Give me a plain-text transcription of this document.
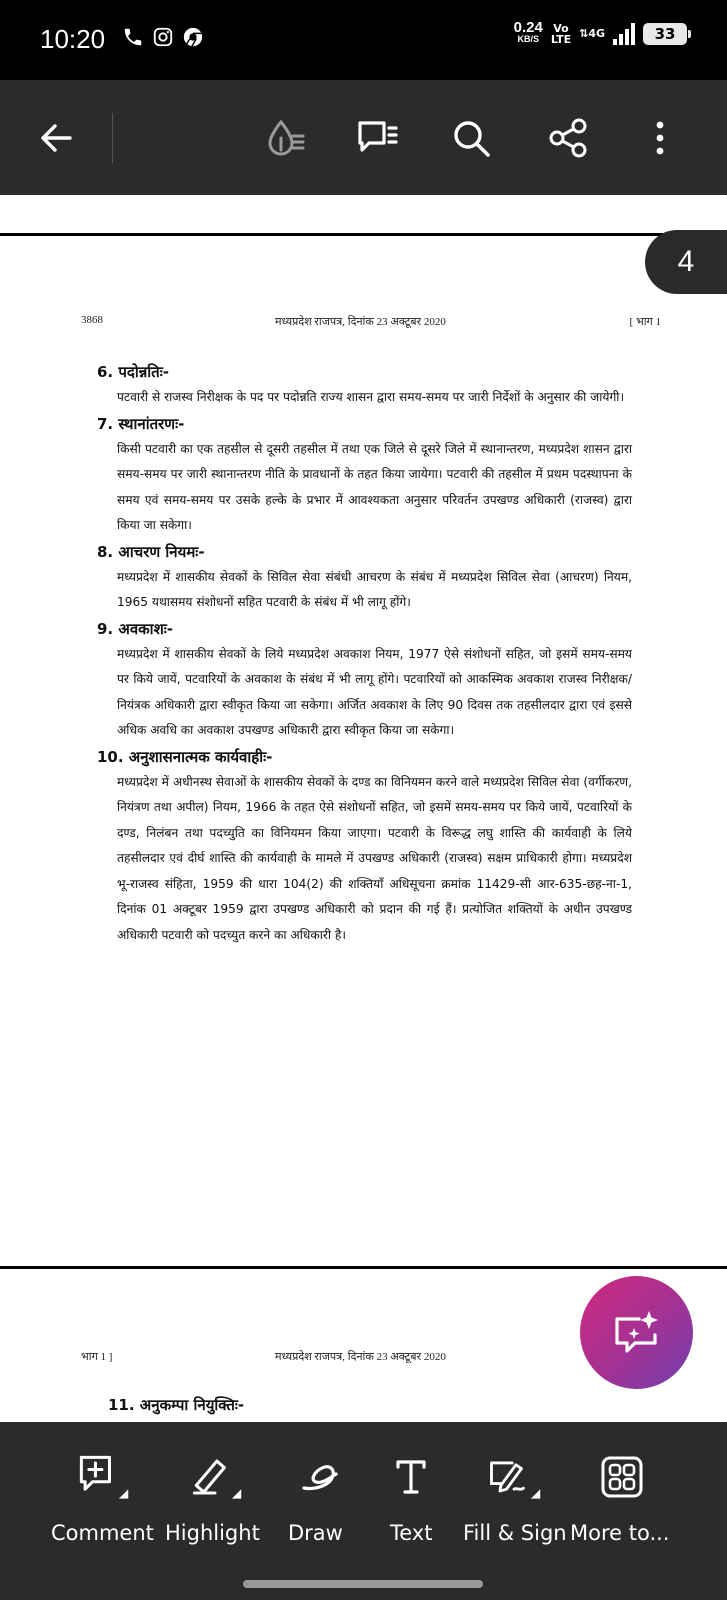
10:20	0.24
KB/S
Vo
LTE ⇅4G	33
4
3868	मध्यप्रदेश राजपत्र, दिनांक 23 अक्टूबर 2020	[ भाग 1
6. पदोन्नतिः-

पटवारी से राजस्व निरीक्षक के पद पर पदोन्नति राज्य शासन द्वारा समय-समय पर जारी निर्देशों के अनुसार की जायेगी।

7. स्थानांतरणः-

किसी पटवारी का एक तहसील से दूसरी तहसील में तथा एक जिले से दूसरे जिले में स्थानान्तरण, मध्यप्रदेश शासन द्वारा समय-समय पर जारी स्थानान्तरण नीति के प्रावधानों के तहत किया जायेगा। पटवारी की तहसील में प्रथम पदस्थापना के समय एवं समय-समय पर उसके हल्के के प्रभार में आवश्यकता अनुसार परिवर्तन उपखण्ड अधिकारी (राजस्व) द्वारा किया जा सकेगा।

8. आचरण नियमः-

मध्यप्रदेश में शासकीय सेवकों के सिविल सेवा संबंधी आचरण के संबंध में मध्यप्रदेश सिविल सेवा (आचरण) नियम, 1965 यथासमय संशोधनों सहित पटवारी के संबंध में भी लागू होंगे।

9. अवकाशः-

मध्यप्रदेश में शासकीय सेवकों के लिये मध्यप्रदेश अवकाश नियम, 1977 ऐसे संशोधनों सहित, जो इसमें समय-समय पर किये जायें, पटवारियों के अवकाश के संबंध में भी लागू होंगे। पटवारियों को आकस्मिक अवकाश राजस्व निरीक्षक/ नियंत्रक अधिकारी द्वारा स्वीकृत किया जा सकेगा। अर्जित अवकाश के लिए 90 दिवस तक तहसीलदार द्वारा एवं इससे अधिक अवधि का अवकाश उपखण्ड अधिकारी द्वारा स्वीकृत किया जा सकेगा।

10. अनुशासनात्मक कार्यवाहीः-

मध्यप्रदेश में अधीनस्थ सेवाओं के शासकीय सेवकों के दण्ड का विनियमन करने वाले मध्यप्रदेश सिविल सेवा (वर्गीकरण, नियंत्रण तथा अपील) नियम, 1966 के तहत ऐसे संशोधनों सहित, जो इसमें समय-समय पर किये जायें, पटवारियों के दण्ड, निलंबन तथा पदच्युति का विनियमन किया जाएगा। पटवारी के विरूद्ध लघु शास्ति की कार्यवाही के लिये तहसीलदार एवं दीर्घ शास्ति की कार्यवाही के मामले में उपखण्ड अधिकारी (राजस्व) सक्षम प्राधिकारी होगा। मध्यप्रदेश भू-राजस्व संहिता, 1959 की धारा 104(2) की शक्तियाँ अधिसूचना क्रमांक 11429-सी आर-635-छह-ना-1, दिनांक 01 अक्टूबर 1959 द्वारा उपखण्ड अधिकारी को प्रदान की गई हैं। प्रत्योजित शक्तियों के अधीन उपखण्ड अधिकारी पटवारी को पदच्युत करने का अधिकारी है।

भाग 1 ]	मध्यप्रदेश राजपत्र, दिनांक 23 अक्टूबर 2020
11. अनुकम्पा नियुक्तिः-
Comment Highlight Draw Text Fill & Sign More to...
